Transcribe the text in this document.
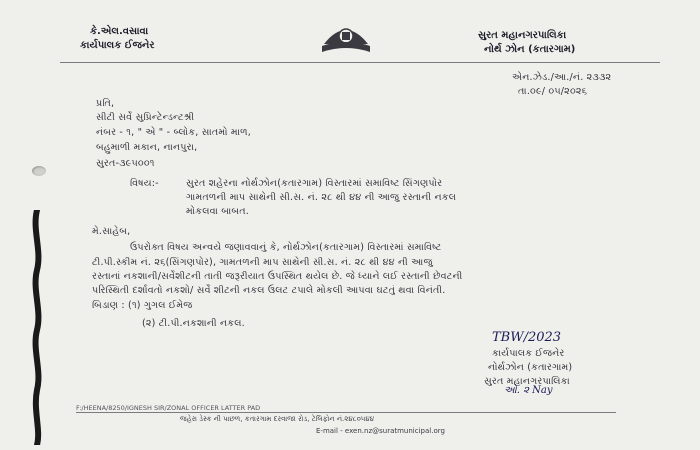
કે.એલ.વસાવા
કાર્યપાલક ઈજનેર	સુરત
સુરત મહાનગરપાલિકા
નોર્થ ઝોન (કતારગામ)
એન.ઝેડ./આ./નં. ૨૩૩૨
તા.૦૯/ ૦૫/૨૦૨૬
પ્રતિ,
સીટી સર્વે સુપ્રિન્ટેન્ડન્ટશ્રી
નંબર - ૧, " એ " - બ્લોક, સાતમો માળ,
બહુમાળી મકાન, નાનપુરા,
સુરત-૩૯૫૦૦૧
વિષય:-	સુરત શહેરના નોર્થઝોન(કતારગામ) વિસ્તારમાં સમાવિષ્ટ સિંગણપોર
ગામતળની માપ સાથેની સી.સ. નં. ૨૮ થી ૪૪ ની આજુ રસ્તાની નકલ
મોકલવા બાબત.
મે.સાહેબ,
ઉપરોક્ત વિષય અન્વયે જણાવવાનું કે, નોર્થઝોન(કતારગામ) વિસ્તારમાં સમાવિષ્ટ
ટી.પી.સ્કીમ નં. ૨૬(સિંગણપોર), ગામતળની માપ સાથેની સી.સ. નં. ૨૮ થી ૪૪ ની આજુ
રસ્તાનાં નકશાની/સર્વેશીટની તાતી જરૂરીયાત ઉપસ્થિત થયેલ છે. જે ધ્યાને લઈ રસ્તાની છેવટની
પરિસ્થિતી દર્શાવતો નકશો/ સર્વે શીટની નકલ ઉલટ ટપાલે મોકલી આપવા ઘટતું થવા વિનંતી.
બિડાણ : (૧) ગુગલ ઈમેજ
(૨) ટી.પી.નકશાની નકલ.
TBW/2023
કાર્યપાલક ઈજનેર
નોર્થઝોન (કતારગામ)
સુરત મહાનગરપાલિકા
ઓ. ૨ Nay
F:/HEENA/8250/IGNESH SIR/ZONAL OFFICER LATTER PAD
જહેરા ડેસ્ક ની પાછળ, કતારગામ દરવાજા રોડ, ટેલિફોન નં.૨૪૮૦૫૪૪
E-mail - exen.nz@suratmunicipal.org
